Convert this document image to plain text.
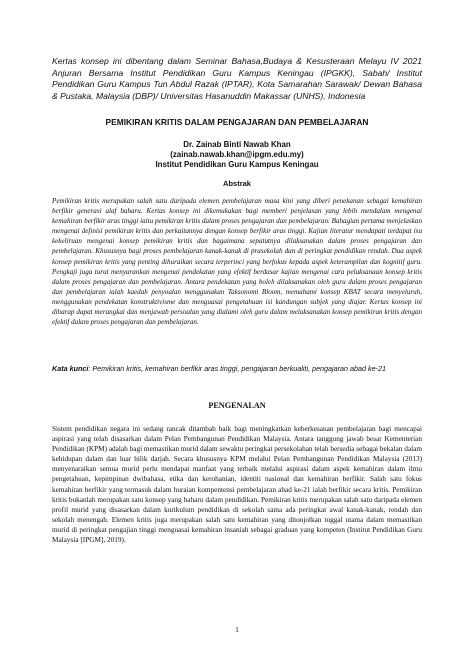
Kertas konsep ini dibentang dalam Seminar Bahasa,Budaya & Kesusteraan Melayu IV 2021 Anjuran Bersama Institut Pendidikan Guru Kampus Keningau (IPGKK), Sabah/ Institut Pendidikan Guru Kampus Tun Abdul Razak (IPTAR), Kota Samarahan Sarawak/ Dewan Bahasa & Pustaka, Malaysia (DBP)/ Universitas Hasanuddin Makassar (UNHS), Indonesia
PEMIKIRAN KRITIS DALAM PENGAJARAN DAN PEMBELAJARAN
Dr. Zainab Binti Nawab Khan
(zainab.nawab.khan@ipgm.edu.my)
Institut Pendidikan Guru Kampus Keningau
Abstrak
Pemikiran kritis merupakan salah satu daripada elemen pembelajaran masa kini yang diberi penekanan sebagai kemahiran berfikir generasi alaf baharu. Kertas konsep ini dikemukakan bagi memberi penjelasan yang lebih mendalam mengenai kemahiran berfikir aras tinggi iaitu pemikiran kritis dalam proses pengajaran dan pembelajaran. Bahagian pertama menjelaskan mengenai definisi pemikiran kritis dan perkaitannya dengan konsep berfikir aras tinggi. Kajian literatur mendapati terdapat isu kekeliruan mengenai konsep pemikiran kritis dan bagaimana sepatutnya dilaksanakan dalam proses pengajaran dan pembelajaran. Khususnya bagi proses pembelajaran kanak-kanak di prasekolah dan di peringkat pendidikan rendah. Dua aspek konsep pemikiran kritis yang penting dihuraikan secara terperinci yang berfokus kepada aspek keterampilan dan kognitif guru. Pengkaji juga turut menyarankan mengenai pendekatan yang efektif berdasar kajian mengenai cara pelaksanaan konsep kritis dalam proses pengajaran dan pembelajaran. Antara pendekatan yang boleh dilaksanakan oleh guru dalam proses pengajaran dan pembelajaran ialah kaedah penyoalan menggunakan Taksonomi Bloom, memahami konsep KBAT secara menyeluruh, menggunakan pendekatan konstruktivisme dan menguasai pengetahuan isi kandungan subjek yang diajar. Kertas konsep ini diharap dapat merangkai dan menjawab persoalan yang dialami oleh guru dalam melaksanakan konsep pemikiran kritis dengan efektif dalam proses pengajaran dan pembelajaran.
Kata kunci: Pemikiran kritis, kemahiran berfikir aras tinggi, pengajaran berkualiti, pengajaran abad ke-21
PENGENALAN
Sistem pendidikan negara ini sedang rancak ditambah baik bagi meningkatkan keberkesanan pembelajaran bagi mencapai aspirasi yang telah disasarkan dalam Pelan Pembangunan Pendidikan Malaysia. Antara tanggung jawab besar Kementerian Pendidikan (KPM) adalah bagi memastikan murid dalam sewaktu peringkat persekolahan telah bersedia sebagai bekalan dalam kehidupan dalam dan luar bilik darjah. Secara khususnya KPM melalui Pelan Pembangunan Pendidikan Malaysia (2013) menyenaraikan semua murid perlu mendapat manfaat yang terbaik melalui aspirasi dalam aspek kemahiran dalam ilmu pengetahuan, kepimpinan dwibahasa, etika dan kerohanian, identiti nasional dan kemahiran berfikir. Salah satu fokus kemahiran berfikir yang termasuk dalam huraian kompentensi pembelajaran abad ke-21 ialah berfikir secara kritis. Pemikiran kritis bukanlah merupakan satu konsep yang baharu dalam pendidikan. Pemikiran kritis merupakan salah satu daripada elemen profil murid yang disasarkan dalam kurikulum pendidikan di sekolah sama ada peringkat awal kanak-kanak, rendah dan sekolah menengah. Elemen kritis juga merupakan salah satu kemahiran yang ditonjolkan tuggal utama dalam memastikan murid di peringkat pengajian tinggi menguasai kemahiran insaniah sebagai graduan yang kompeten (Institut Pendidikan Guru Malaysia [IPGM], 2019).
1
